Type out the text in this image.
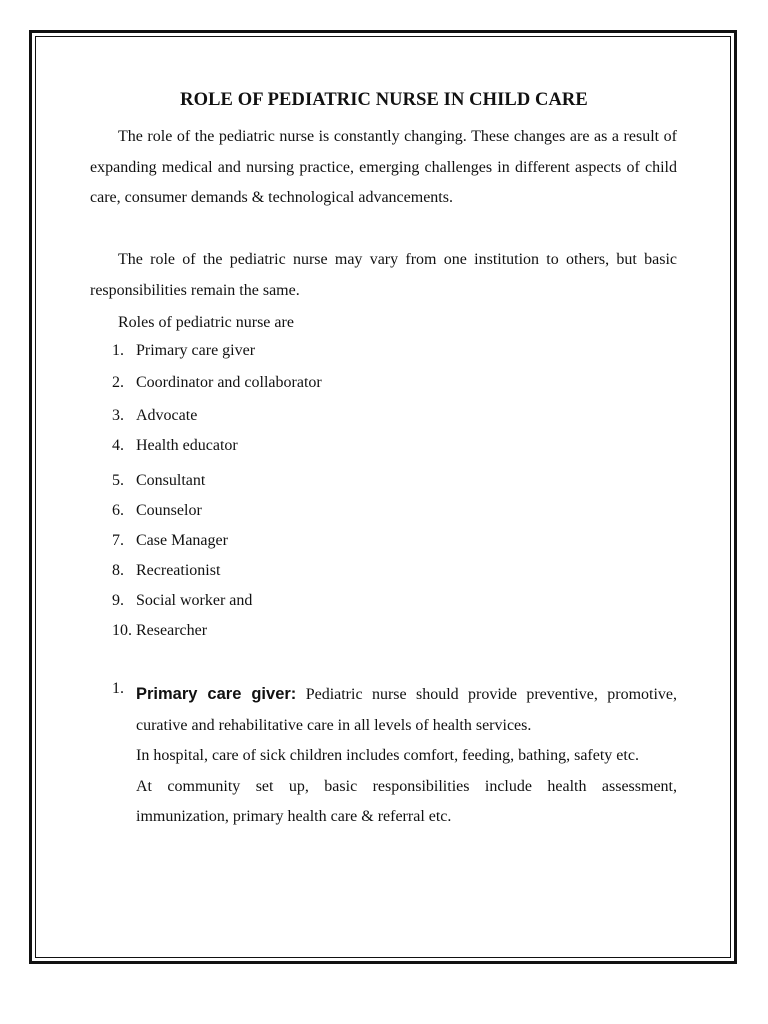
ROLE OF PEDIATRIC NURSE IN CHILD CARE

The role of the pediatric nurse is constantly changing. These changes are as a result of expanding medical and nursing practice, emerging challenges in different aspects of child care, consumer demands & technological advancements.

The role of the pediatric nurse may vary from one institution to others, but basic responsibilities remain the same.

Roles of pediatric nurse are

1. Primary care giver
2. Coordinator and collaborator
3. Advocate
4. Health educator
5. Consultant
6. Counselor
7. Case Manager
8. Recreationist
9. Social worker and
10. Researcher
1. Primary care giver: Pediatric nurse should provide preventive, promotive, curative and rehabilitative care in all levels of health services.
In hospital, care of sick children includes comfort, feeding, bathing, safety etc.
At community set up, basic responsibilities include health assessment, immunization, primary health care & referral etc.
